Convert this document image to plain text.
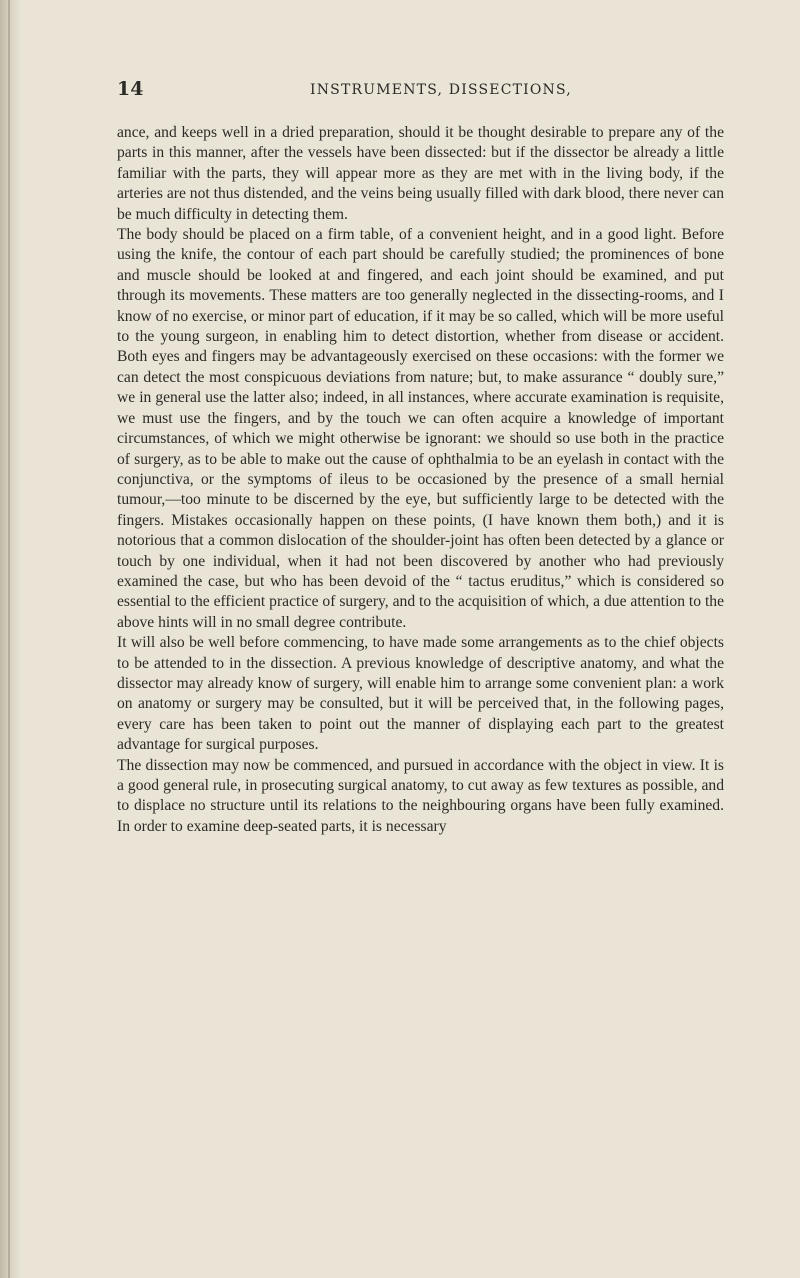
14	INSTRUMENTS, DISSECTIONS,

ance, and keeps well in a dried preparation, should it be thought desirable to prepare any of the parts in this manner, after the vessels have been dissected: but if the dissector be already a little familiar with the parts, they will appear more as they are met with in the living body, if the arteries are not thus distended, and the veins being usually filled with dark blood, there never can be much difficulty in detecting them.

The body should be placed on a firm table, of a convenient height, and in a good light. Before using the knife, the contour of each part should be carefully studied; the prominences of bone and muscle should be looked at and fingered, and each joint should be examined, and put through its movements. These matters are too generally neglected in the dissecting-rooms, and I know of no exercise, or minor part of education, if it may be so called, which will be more useful to the young surgeon, in enabling him to detect distortion, whether from disease or accident. Both eyes and fingers may be advantageously exercised on these occasions: with the former we can detect the most conspicuous deviations from nature; but, to make assurance “ doubly sure,” we in general use the latter also; indeed, in all instances, where accurate examination is requisite, we must use the fingers, and by the touch we can often acquire a knowledge of important circumstances, of which we might otherwise be ignorant: we should so use both in the practice of surgery, as to be able to make out the cause of ophthalmia to be an eyelash in contact with the conjunctiva, or the symptoms of ileus to be occasioned by the presence of a small hernial tumour,—too minute to be discerned by the eye, but sufficiently large to be detected with the fingers. Mistakes occasionally happen on these points, (I have known them both,) and it is notorious that a common dislocation of the shoulder-joint has often been detected by a glance or touch by one individual, when it had not been discovered by another who had previously examined the case, but who has been devoid of the “ tactus eruditus,” which is considered so essential to the efficient practice of surgery, and to the acquisition of which, a due attention to the above hints will in no small degree contribute.

It will also be well before commencing, to have made some arrangements as to the chief objects to be attended to in the dissection. A previous knowledge of descriptive anatomy, and what the dissector may already know of surgery, will enable him to arrange some convenient plan: a work on anatomy or surgery may be consulted, but it will be perceived that, in the following pages, every care has been taken to point out the manner of displaying each part to the greatest advantage for surgical purposes.

The dissection may now be commenced, and pursued in accordance with the object in view. It is a good general rule, in prosecuting surgical anatomy, to cut away as few textures as possible, and to displace no structure until its relations to the neighbouring organs have been fully examined. In order to examine deep-seated parts, it is necessary
